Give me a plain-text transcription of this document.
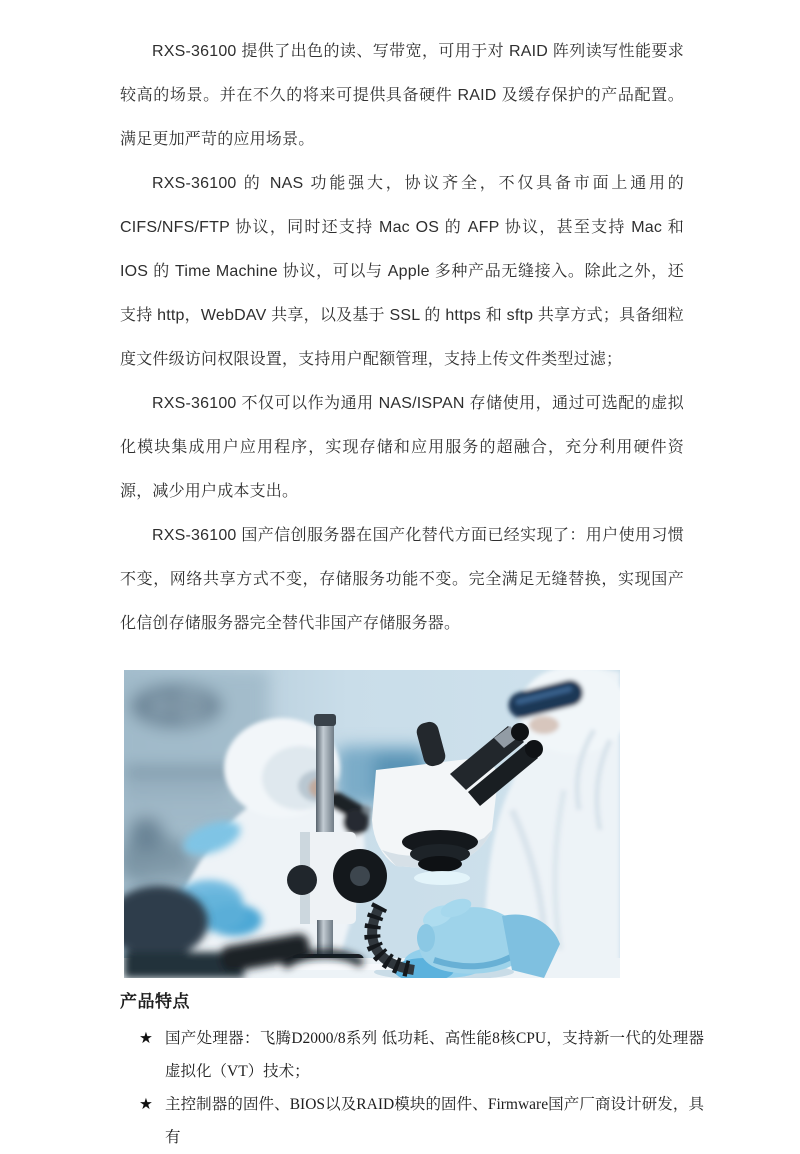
RXS-36100 提供了出色的读、写带宽，可用于对 RAID 阵列读写性能要求较高的场景。并在不久的将来可提供具备硬件 RAID 及缓存保护的产品配置。满足更加严苛的应用场景。

RXS-36100 的 NAS 功能强大，协议齐全，不仅具备市面上通用的 CIFS/NFS/FTP 协议，同时还支持 Mac OS 的 AFP 协议，甚至支持 Mac 和 IOS 的 Time Machine 协议，可以与 Apple 多种产品无缝接入。除此之外，还支持 http，WebDAV 共享，以及基于 SSL 的 https 和 sftp 共享方式；具备细粒度文件级访问权限设置，支持用户配额管理，支持上传文件类型过滤；

RXS-36100 不仅可以作为通用 NAS/ISPAN 存储使用，通过可选配的虚拟化模块集成用户应用程序，实现存储和应用服务的超融合，充分利用硬件资源，减少用户成本支出。

RXS-36100 国产信创服务器在国产化替代方面已经实现了：用户使用习惯不变，网络共享方式不变，存储服务功能不变。完全满足无缝替换，实现国产化信创存储服务器完全替代非国产存储服务器。

产品特点
★ 国产处理器：飞腾D2000/8系列 低功耗、高性能8核CPU，支持新一代的处理器虚拟化（VT）技术；
★ 主控制器的固件、BIOS以及RAID模块的固件、Firmware国产厂商设计研发，具有
